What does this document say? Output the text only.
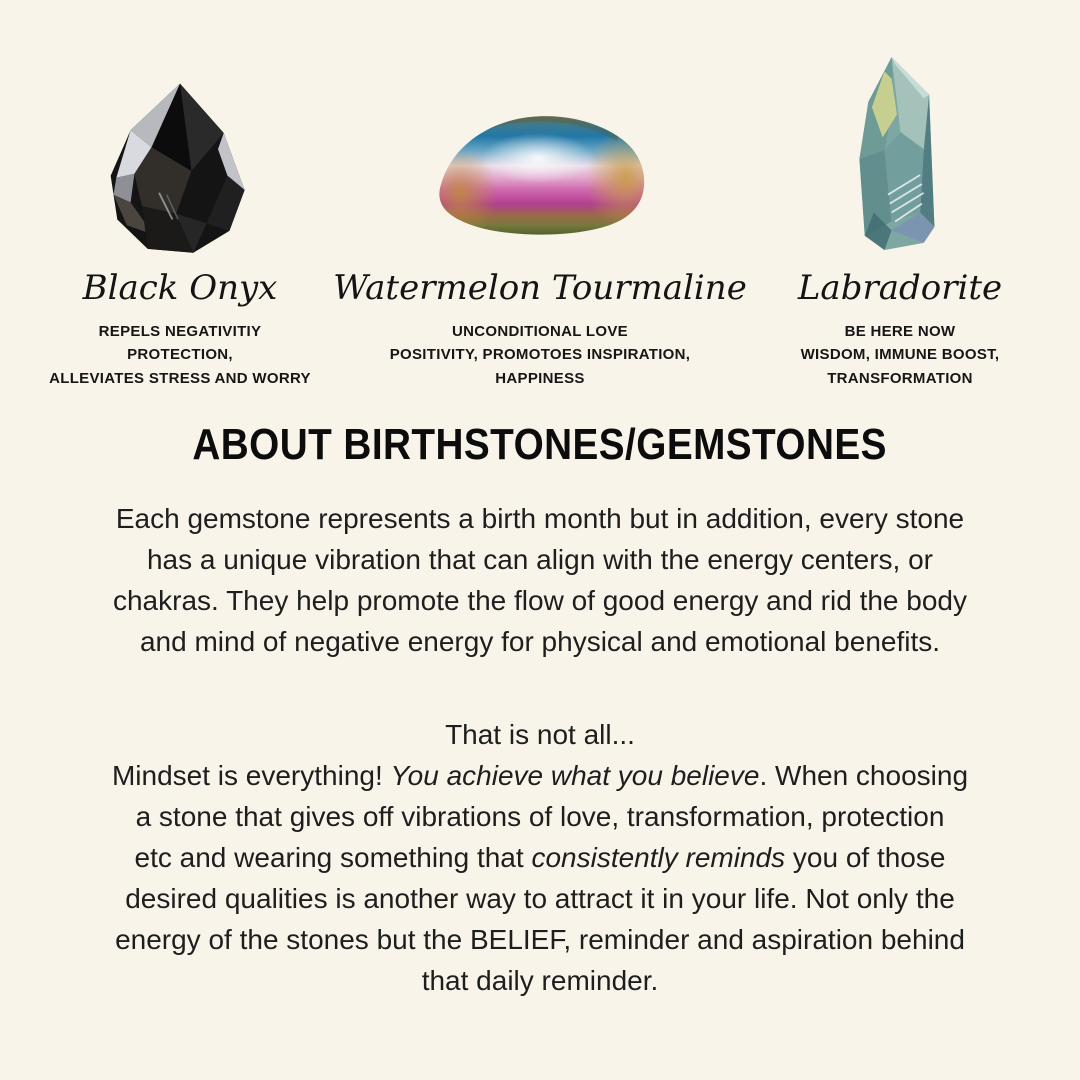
Black Onyx
REPELS NEGATIVITIY
PROTECTION,
ALLEVIATES STRESS AND WORRY
Watermelon Tourmaline
UNCONDITIONAL LOVE
POSITIVITY, PROMOTOES INSPIRATION,
HAPPINESS
Labradorite
BE HERE NOW
WISDOM, IMMUNE BOOST,
TRANSFORMATION
ABOUT BIRTHSTONES/GEMSTONES
Each gemstone represents a birth month but in addition, every stone
has a unique vibration that can align with the energy centers, or
chakras. They help promote the flow of good energy and rid the body
and mind of negative energy for physical and emotional benefits.
That is not all...
Mindset is everything! You achieve what you believe. When choosing
a stone that gives off vibrations of love, transformation, protection
etc and wearing something that consistently reminds you of those
desired qualities is another way to attract it in your life. Not only the
energy of the stones but the BELIEF, reminder and aspiration behind
that daily reminder.
